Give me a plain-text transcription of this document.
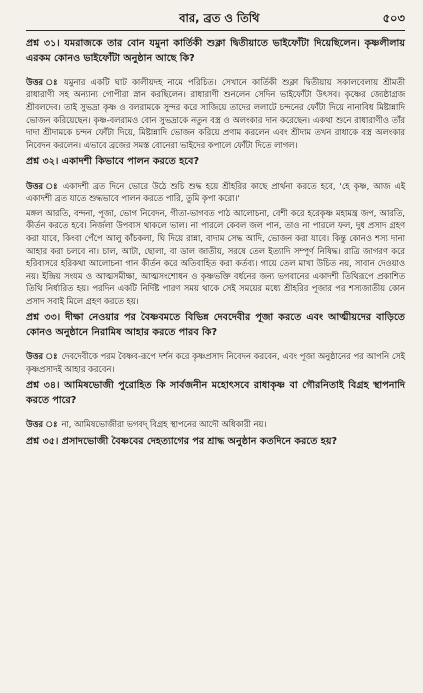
বার, ব্রত ও তিথি	৫০৩

প্রশ্ন ৩১। যমরাজকে তার বোন যমুনা কার্তিকী শুক্লা দ্বিতীয়াতে ভাইফোঁটা দিয়েছিলেন। কৃষ্ণলীলায় এরকম কোনও ভাইফোঁটা অনুষ্ঠান আছে কি?

উত্তর ঃ যমুনার একটি ঘাট কালীয়দহ নামে পরিচিত। সেখানে কার্তিকী শুক্লা দ্বিতীয়ায় সকালবেলায় শ্রীমতী রাধারাণী সহ অন্যান্য গোপীরা স্নান করছিলেন। রাধারাণী শুনলেন সেদিন ভাইফোঁটা উৎসব। কৃষ্ণের জ্যেষ্ঠাগ্রজ শ্রীবলদেব। তাই সুভদ্রা কৃষ্ণ ও বলরামকে সুন্দর করে সাজিয়ে তাদের ললাটে চন্দনের ফোঁটা দিয়ে নানাবিধ মিষ্টান্নাদি ভোজন করিয়েছেন। কৃষ্ণ-বলরামও বোন সুভদ্রাকে নতুন বস্ত্র ও অলংকার দান করেছেন। একথা শুনে রাধারাণীও তাঁর দাদা শ্রীদামকে চন্দন ফোঁটা দিয়ে, মিষ্টান্নাদি ভোজন করিয়ে প্রণাম করলেন এবং শ্রীদাম তখন রাধাকে বস্ত্র অলংকার নিবেদন করলেন। এভাবে ব্রজের সমস্ত বোনেরা ভাইদের কপালে ফোঁটা দিতে লাগল।

প্রশ্ন ৩২। একাদশী কিভাবে পালন করতে হবে?

উত্তর ঃ একাদশী ব্রত দিনে ভোরে উঠে শুচি শুদ্ধ হয়ে শ্রীহরির কাছে প্রার্থনা করতে হবে, 'হে কৃষ্ণ, আজ এই একাদশী ব্রত যাতে শুদ্ধভাবে পালন করতে পারি, তুমি কৃপা করো।'

মঙ্গল আরতি, বন্দনা, পূজা, ভোগ নিবেদন, গীতা-ভাগবত পাঠ আলোচনা, বেশী করে হরেকৃষ্ণ মহামন্ত্র জপ, আরতি, কীর্তন করতে হবে। নির্জলা উপবাস থাকলে ভাল। না পারলে কেবল জল পান, তাও না পারলে ফল, দুধ প্রসাদ গ্রহণ করা যাবে, কিংবা পেঁপে আলু কাঁচকলা, ঘি দিয়ে রান্না, বাদাম সেদ্ধ আদি, ভোজন করা যাবে। কিন্তু কোনও শস্য দানা আহার করা চলবে না। চাল, আটা, ছোলা, বা ডাল জাতীয়, সরষে তেল ইত্যাদি সম্পূর্ণ নিষিদ্ধ। রাত্রি জাগরণ করে হরিবাসরে হরিকথা আলোচনা গান কীর্তন করে অতিবাহিত করা কর্তব্য। গায়ে তেল মাখা উচিত নয়, সাবান দেওয়াও নয়। ইন্দ্রিয় সংযম ও আত্মসমীক্ষা, আত্মসংশোধন ও কৃষ্ণভক্তি বর্ধনের জন্য ভগবানের একাদশী তিথিরূপে প্রকাশিত তিথি নির্ধারিত হয়। পরদিন একটি নির্দিষ্ট পারণ সময় থাকে সেই সময়ের মধ্যে শ্রীহরির পূজার পর শস্যজাতীয় কোন প্রসাদ সবাই মিলে গ্রহণ করতে হয়।

প্রশ্ন ৩৩। দীক্ষা নেওয়ার পর বৈষ্ণবমতে বিভিন্ন দেবদেবীর পূজা করতে এবং আত্মীয়দের বাড়িতে কোনও অনুষ্ঠানে নিরামিষ আহার করতে পারব কি?

উত্তর ঃ দেবদেবীকে পরম বৈষ্ণব-রূপে দর্শন করে কৃষ্ণপ্রসাদ নিবেদন করবেন, এবং পূজা অনুষ্ঠানের পর আপনি সেই কৃষ্ণপ্রসাদই আহার করবেন।

প্রশ্ন ৩৪। আমিষভোজী পুরোহিত কি সার্বজনীন মহোৎসবে রাধাকৃষ্ণ বা গৌরনিতাই বিগ্রহ স্থাপনাদি করতে পারে?

উত্তর ঃ না, আমিষভোজীরা ভগবদ্ বিগ্রহ স্থাপনের আদৌ অধিকারী নয়।

প্রশ্ন ৩৫। প্রসাদভোজী বৈষ্ণবের দেহত্যাগের পর শ্রাদ্ধ অনুষ্ঠান কতদিনে করতে হয়?
